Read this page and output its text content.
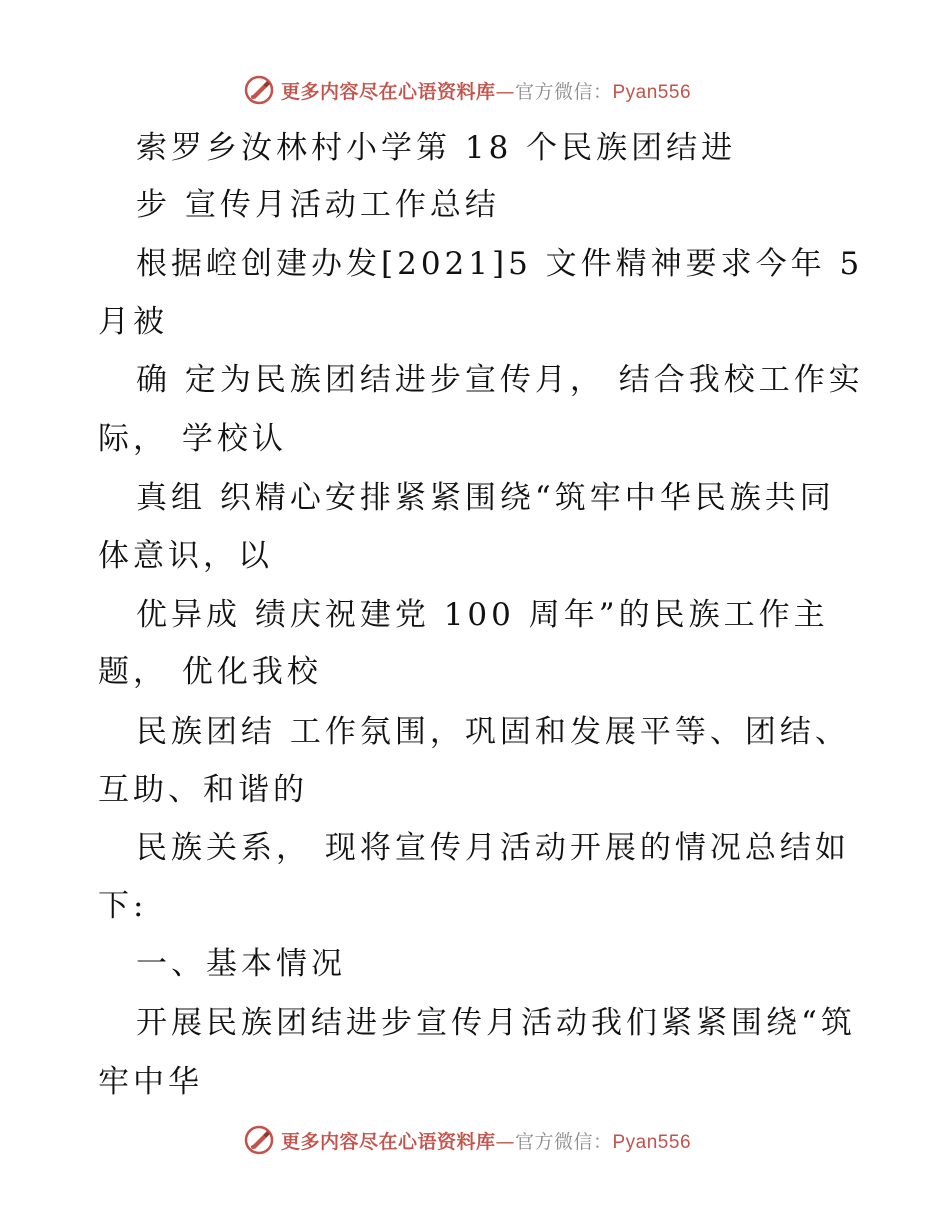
更多内容尽在心语资料库—官方微信：Pyan556
索罗乡汝林村小学第 18 个民族团结进
步 宣传月活动工作总结
根据崆创建办发[2021]5 文件精神要求今年 5
月被
确 定为民族团结进步宣传月， 结合我校工作实
际， 学校认
真组 织精心安排紧紧围绕“筑牢中华民族共同
体意识，以
优异成 绩庆祝建党 100 周年”的民族工作主
题， 优化我校
民族团结 工作氛围，巩固和发展平等、团结、
互助、和谐的
民族关系， 现将宣传月活动开展的情况总结如
下:
一、基本情况
开展民族团结进步宣传月活动我们紧紧围绕“筑
牢中华
更多内容尽在心语资料库—官方微信：Pyan556
